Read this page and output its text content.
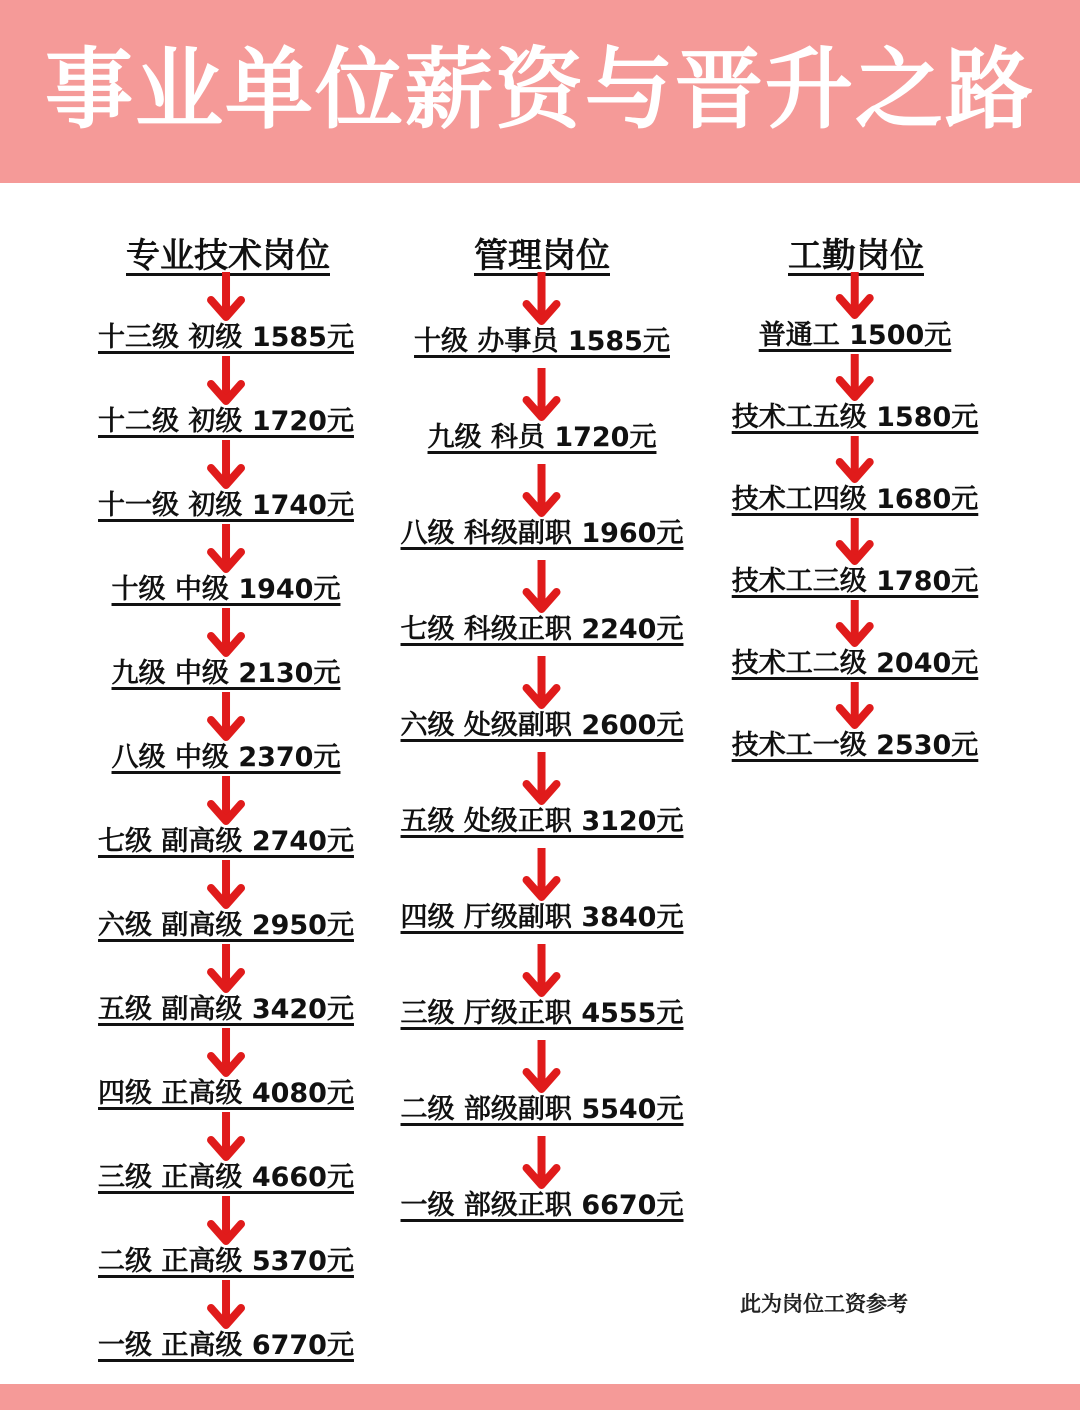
事业单位薪资与晋升之路
专业技术岗位	管理岗位	工勤岗位
十三级 初级 1585元
十二级 初级 1720元
十一级 初级 1740元
十级 中级 1940元
九级 中级 2130元
八级 中级 2370元
七级 副高级 2740元
六级 副高级 2950元
五级 副高级 3420元
四级 正高级 4080元
三级 正高级 4660元
二级 正高级 5370元
一级 正高级 6770元
十级 办事员 1585元
九级 科员 1720元
八级 科级副职 1960元
七级 科级正职 2240元
六级 处级副职 2600元
五级 处级正职 3120元
四级 厅级副职 3840元
三级 厅级正职 4555元
二级 部级副职 5540元
一级 部级正职 6670元
普通工 1500元
技术工五级 1580元
技术工四级 1680元
技术工三级 1780元
技术工二级 2040元
技术工一级 2530元
此为岗位工资参考
